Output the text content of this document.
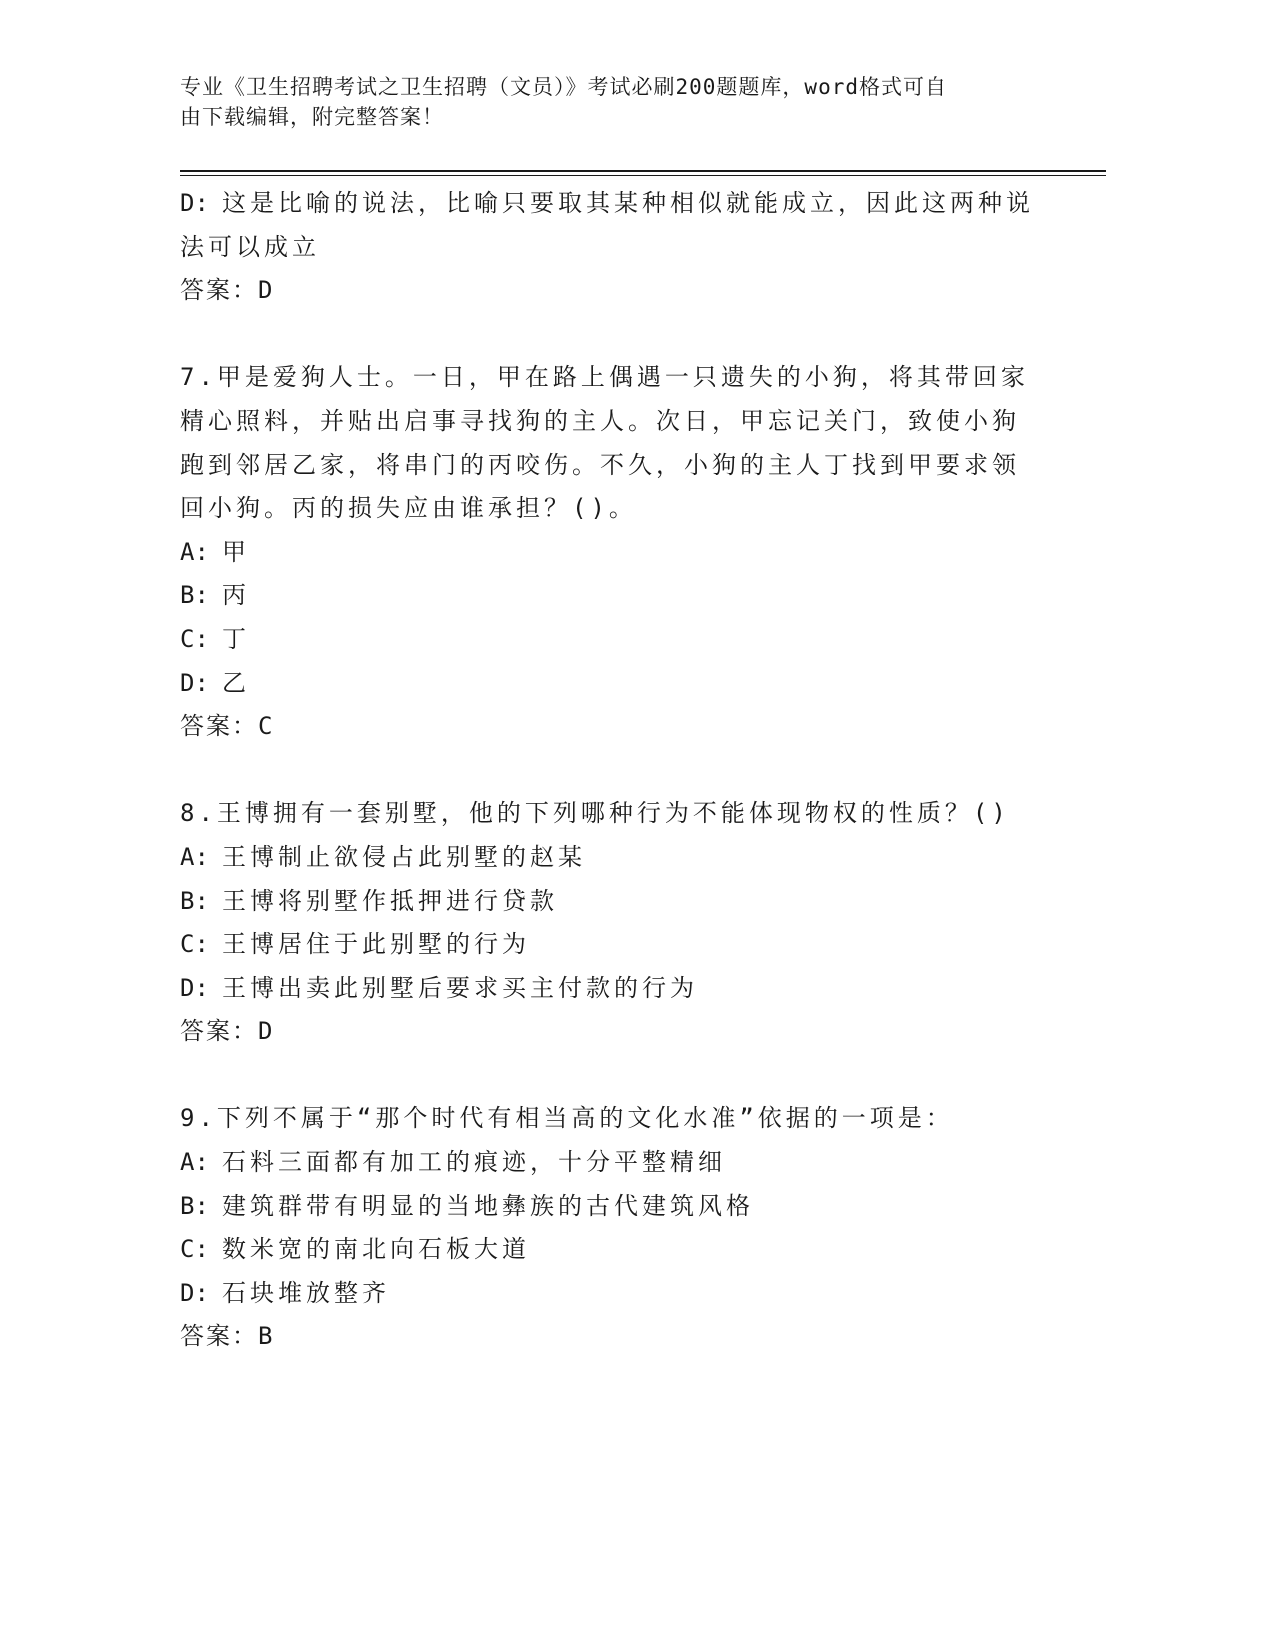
专业《卫生招聘考试之卫生招聘（文员）》考试必刷200题题库，word格式可自
由下载编辑，附完整答案！
D: 这是比喻的说法，比喻只要取其某种相似就能成立，因此这两种说
法可以成立
答案：D
7.甲是爱狗人士。一日，甲在路上偶遇一只遗失的小狗，将其带回家
精心照料，并贴出启事寻找狗的主人。次日，甲忘记关门，致使小狗
跑到邻居乙家，将串门的丙咬伤。不久，小狗的主人丁找到甲要求领
回小狗。丙的损失应由谁承担？()。
A: 甲
B: 丙
C: 丁
D: 乙
答案：C
8.王博拥有一套别墅，他的下列哪种行为不能体现物权的性质？()
A: 王博制止欲侵占此别墅的赵某
B: 王博将别墅作抵押进行贷款
C: 王博居住于此别墅的行为
D: 王博出卖此别墅后要求买主付款的行为
答案：D
9.下列不属于“那个时代有相当高的文化水准”依据的一项是：
A: 石料三面都有加工的痕迹，十分平整精细
B: 建筑群带有明显的当地彝族的古代建筑风格
C: 数米宽的南北向石板大道
D: 石块堆放整齐
答案：B
